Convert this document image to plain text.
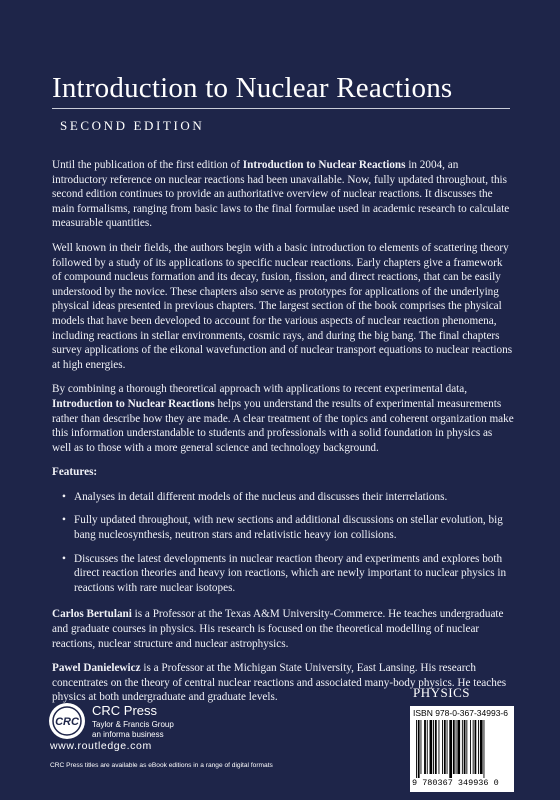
Introduction to Nuclear Reactions
SECOND EDITION

Until the publication of the first edition of Introduction to Nuclear Reactions in 2004, an introductory reference on nuclear reactions had been unavailable. Now, fully updated throughout, this second edition continues to provide an authoritative overview of nuclear reactions. It discusses the main formalisms, ranging from basic laws to the final formulae used in academic research to calculate measurable quantities.

Well known in their fields, the authors begin with a basic introduction to elements of scattering theory followed by a study of its applications to specific nuclear reactions. Early chapters give a framework of compound nucleus formation and its decay, fusion, fission, and direct reactions, that can be easily understood by the novice. These chapters also serve as prototypes for applications of the underlying physical ideas presented in previous chapters. The largest section of the book comprises the physical models that have been developed to account for the various aspects of nuclear reaction phenomena, including reactions in stellar environments, cosmic rays, and during the big bang. The final chapters survey applications of the eikonal wavefunction and of nuclear transport equations to nuclear reactions at high energies.

By combining a thorough theoretical approach with applications to recent experimental data, Introduction to Nuclear Reactions helps you understand the results of experimental measurements rather than describe how they are made. A clear treatment of the topics and coherent organization make this information understandable to students and professionals with a solid foundation in physics as well as to those with a more general science and technology background.

Features:

• Analyses in detail different models of the nucleus and discusses their interrelations.
• Fully updated throughout, with new sections and additional discussions on stellar evolution, big bang nucleosynthesis, neutron stars and relativistic heavy ion collisions.
• Discusses the latest developments in nuclear reaction theory and experiments and explores both direct reaction theories and heavy ion reactions, which are newly important to nuclear physics in reactions with rare nuclear isotopes.

Carlos Bertulani is a Professor at the Texas A&M University-Commerce. He teaches undergraduate and graduate courses in physics. His research is focused on the theoretical modelling of nuclear reactions, nuclear structure and nuclear astrophysics.

Pawel Danielewicz is a Professor at the Michigan State University, East Lansing. His research concentrates on the theory of central nuclear reactions and associated many-body physics. He teaches physics at both undergraduate and graduate levels.	PHYSICS
ISBN 978-0-367-34993-6
9 780367 349936 0
CRC
CRC Press
Taylor & Francis Group
an informa business
www.routledge.com
CRC Press titles are available as eBook editions in a range of digital formats
